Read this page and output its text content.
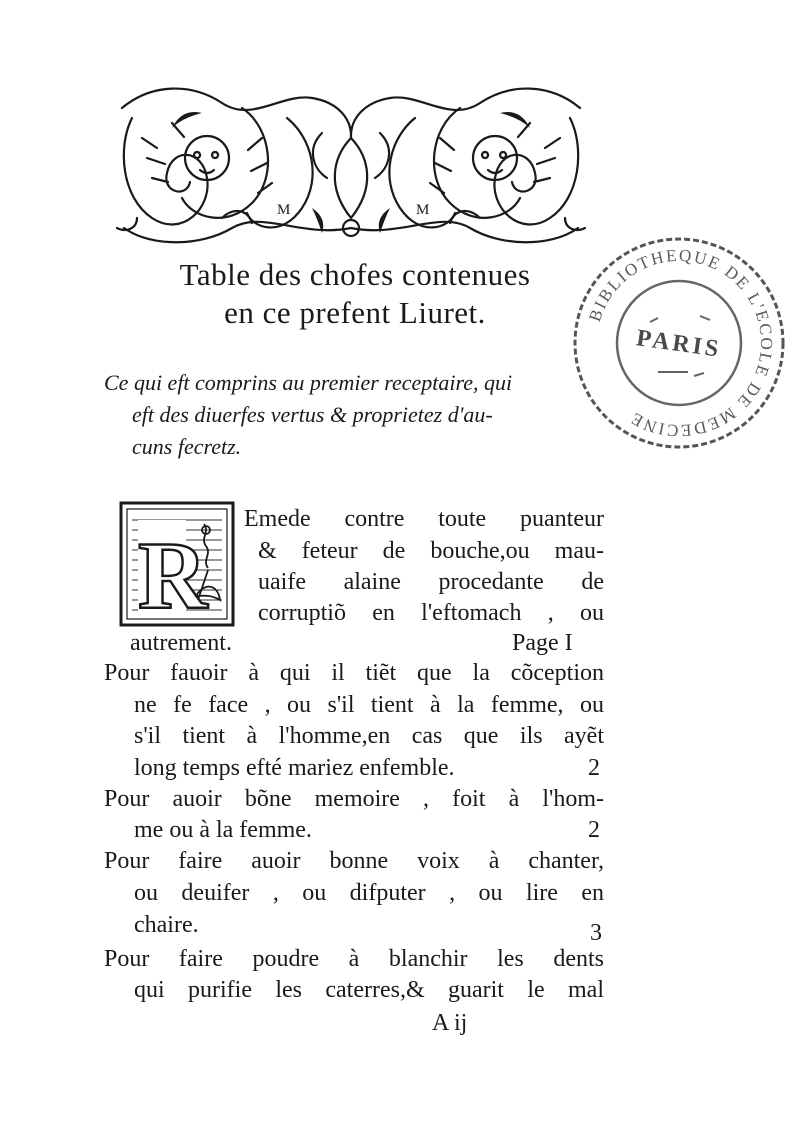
M	M
Table des chofes contenues
en ce prefent Liuret.	BIBLIOTHEQUE DE L'ECOLE DE MEDECINE
PARIS

Ce qui eft comprins au premier receptaire, qui

eft des diuerfes vertus & proprietez d'au-

cuns fecretz.

R

Emede contre toute puanteur

& feteur de bouche,ou mau-

uaife alaine procedante de

corruptiõ en l'eftomach , ou

autrement.	Page I

Pour fauoir à qui il tiẽt que la cõception

ne fe face , ou s'il tient à la femme, ou

s'il tient à l'homme,en cas que ils ayẽt

long temps efté mariez enfemble.	2

Pour auoir bõne memoire , foit à l'hom-

me ou à la femme.	2

Pour faire auoir bonne voix à chanter,

ou deuifer , ou difputer , ou lire en

chaire.	3

Pour faire poudre à blanchir les dents

qui purifie les caterres,& guarit le mal

A ij
